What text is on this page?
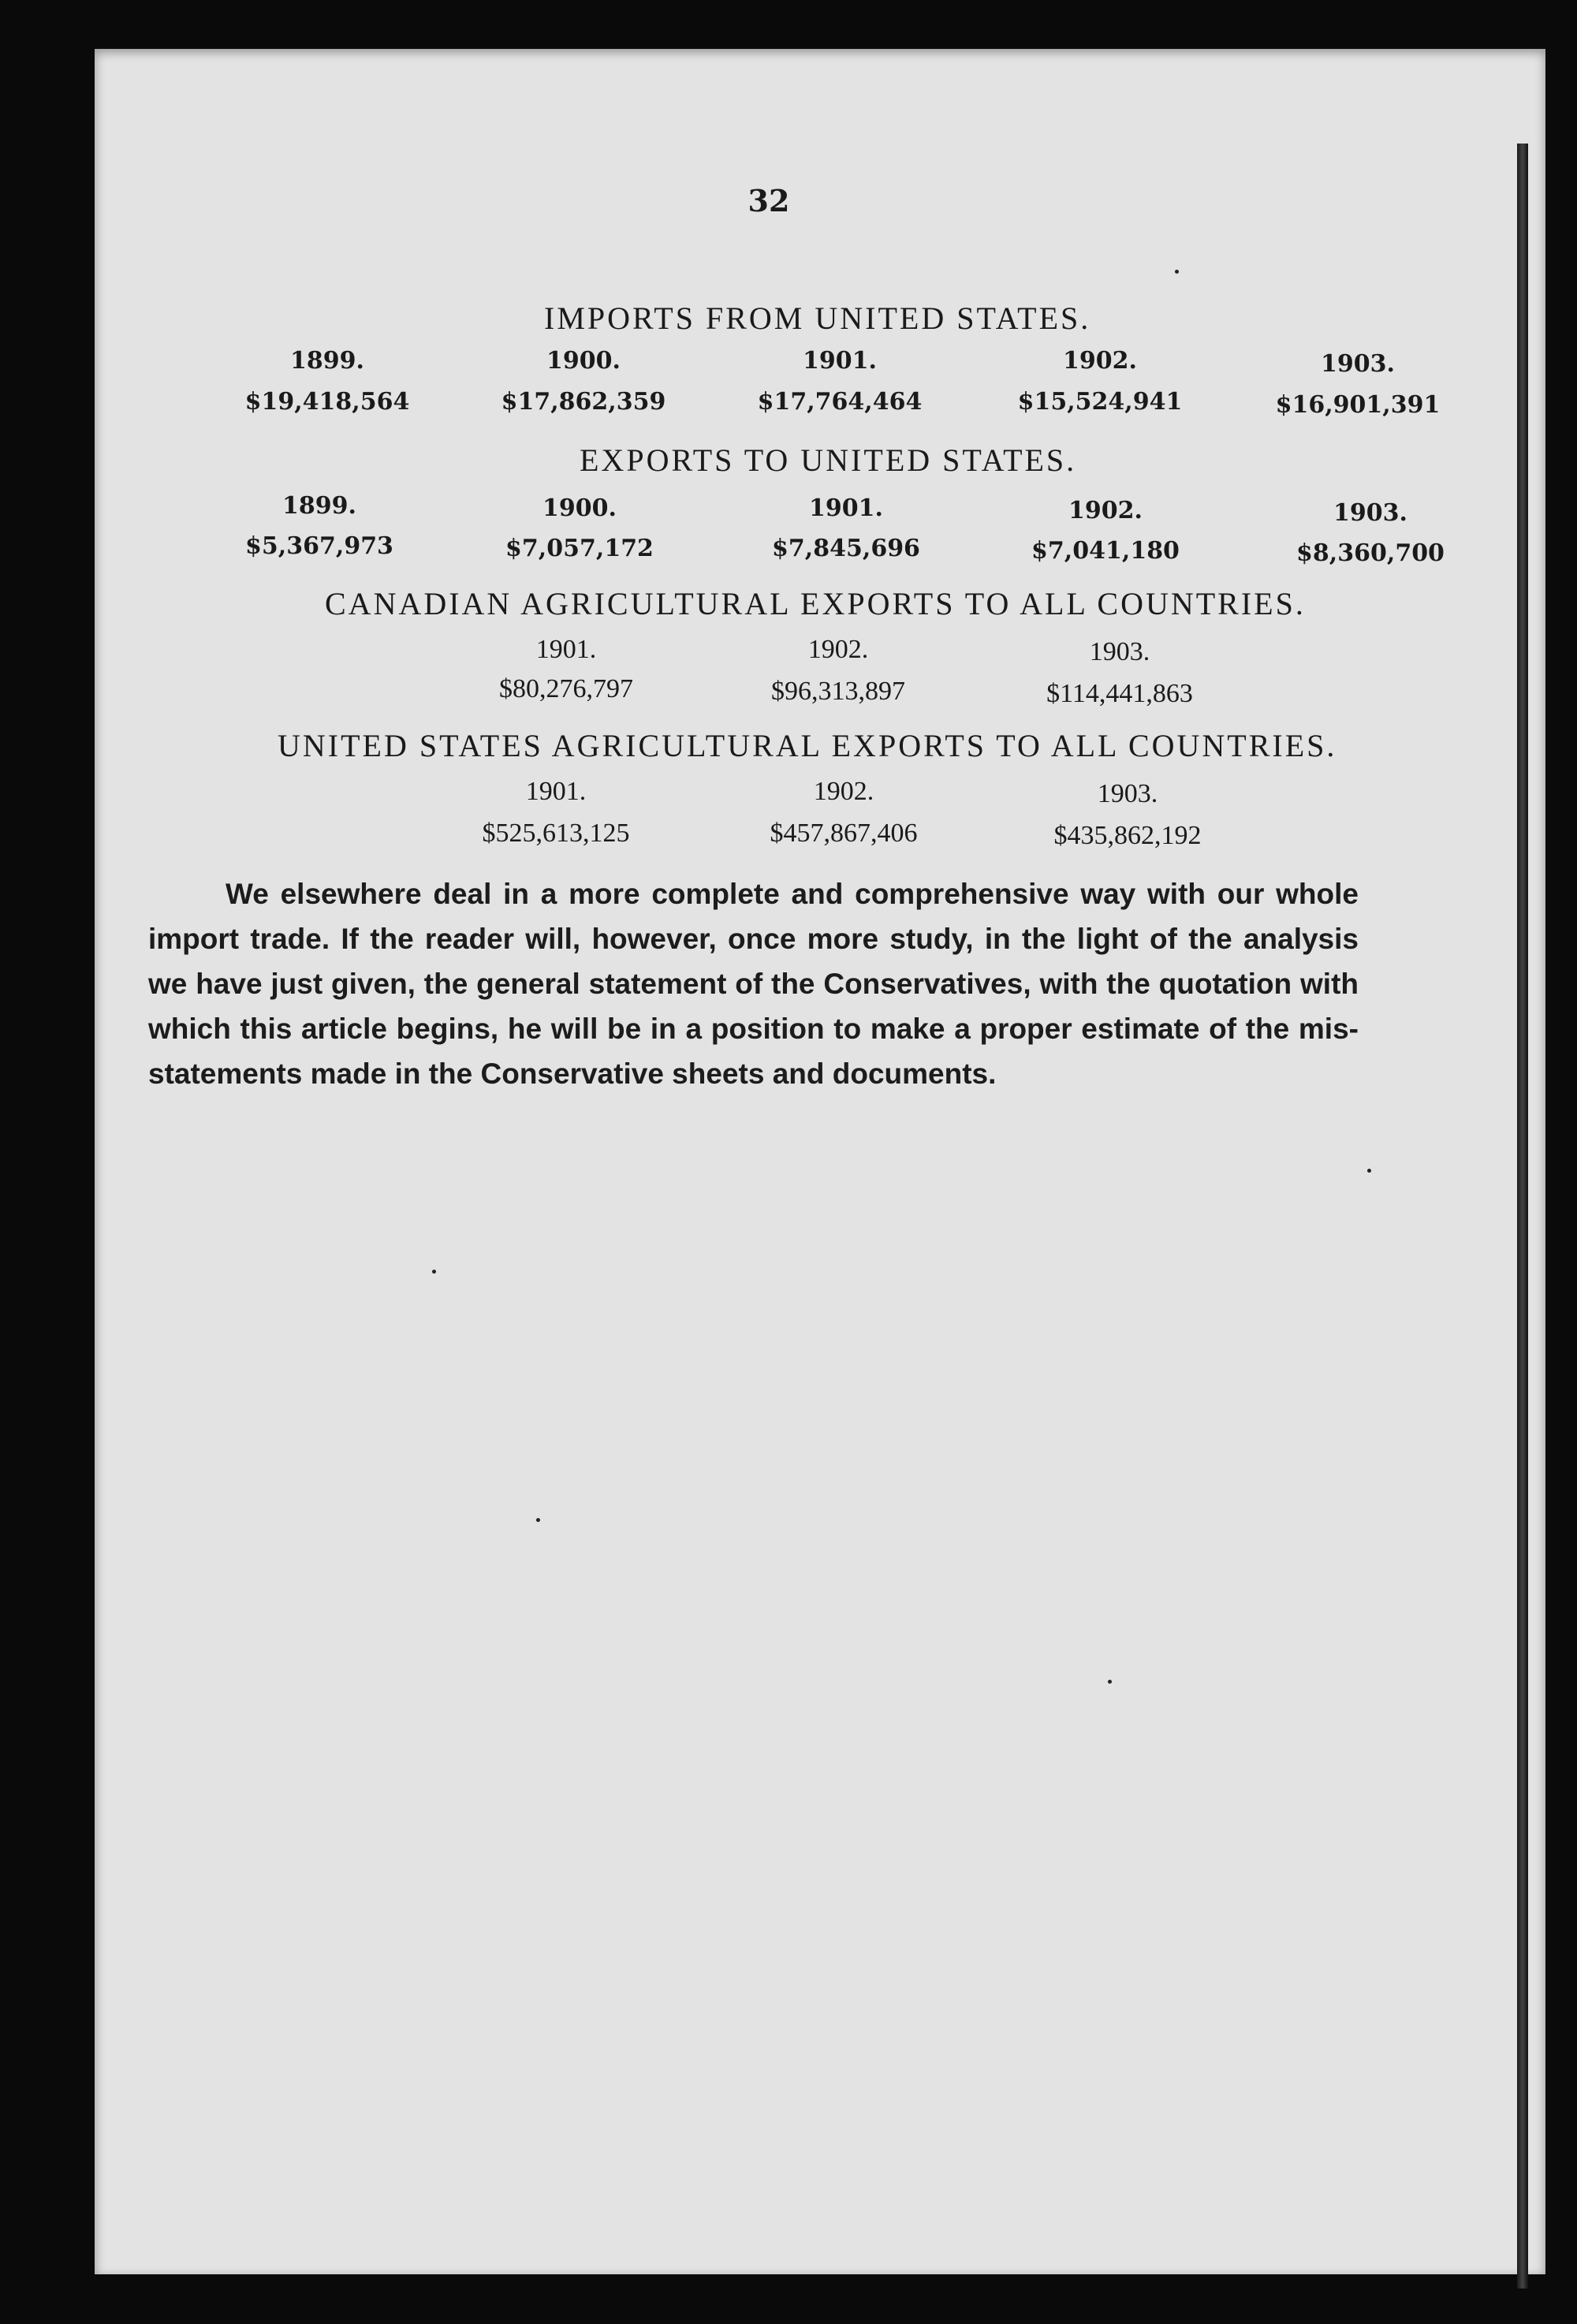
32
IMPORTS FROM UNITED STATES.
1899.
$19,418,564
1900.
$17,862,359
1901.
$17,764,464
1902.
$15,524,941
1903.
$16,901,391
EXPORTS TO UNITED STATES.
1899.
$5,367,973
1900.
$7,057,172
1901.
$7,845,696
1902.
$7,041,180
1903.
$8,360,700
CANADIAN AGRICULTURAL EXPORTS TO ALL COUNTRIES.
1901.
$80,276,797
1902.
$96,313,897
1903.
$114,441,863
UNITED STATES AGRICULTURAL EXPORTS TO ALL COUNTRIES.
1901.
$525,613,125
1902.
$457,867,406
1903.
$435,862,192
We elsewhere deal in a more complete and comprehensive way with our whole import trade. If the reader will, however, once more study, in the light of the analysis we have just given, the general statement of the Conservatives, with the quotation with which this article begins, he will be in a position to make a proper estimate of the mis-statements made in the Conservative sheets and documents.
